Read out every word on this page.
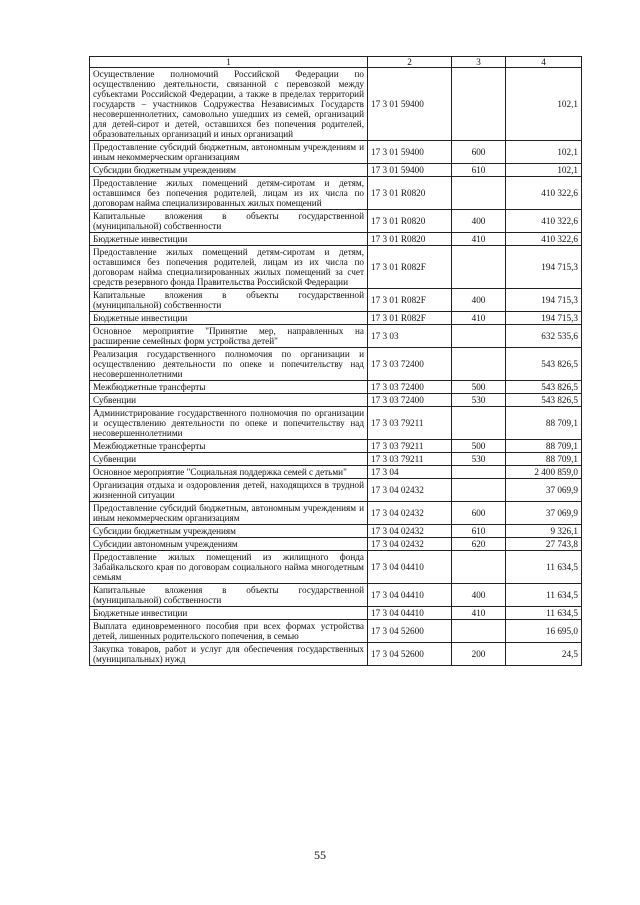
1	2	3	4
Осуществление полномочий Российской Федерации по осуществлению деятельности, связанной с перевозкой между субъектами Российской Федерации, а также в пределах территорий государств – участников Содружества Независимых Государств несовершеннолетних, самовольно ушедших из семей, организаций для детей-сирот и детей, оставшихся без попечения родителей, образовательных организаций и иных организаций	17 3 01 59400		102,1
Предоставление субсидий бюджетным, автономным учреждениям и иным некоммерческим организациям	17 3 01 59400	600	102,1
Субсидии бюджетным учреждениям	17 3 01 59400	610	102,1
Предоставление жилых помещений детям-сиротам и детям, оставшимся без попечения родителей, лицам из их числа по договорам найма специализированных жилых помещений	17 3 01 R0820		410 322,6
Капитальные вложения в объекты государственной (муниципальной) собственности	17 3 01 R0820	400	410 322,6
Бюджетные инвестиции	17 3 01 R0820	410	410 322,6
Предоставление жилых помещений детям-сиротам и детям, оставшимся без попечения родителей, лицам из их числа по договорам найма специализированных жилых помещений за счет средств резервного фонда Правительства Российской Федерации	17 3 01 R082F		194 715,3
Капитальные вложения в объекты государственной (муниципальной) собственности	17 3 01 R082F	400	194 715,3
Бюджетные инвестиции	17 3 01 R082F	410	194 715,3
Основное мероприятие "Принятие мер, направленных на расширение семейных форм устройства детей"	17 3 03		632 535,6
Реализация государственного полномочия по организации и осуществлению деятельности по опеке и попечительству над несовершеннолетними	17 3 03 72400		543 826,5
Межбюджетные трансферты	17 3 03 72400	500	543 826,5
Субвенции	17 3 03 72400	530	543 826,5
Администрирование государственного полномочия по организации и осуществлению деятельности по опеке и попечительству над несовершеннолетними	17 3 03 79211		88 709,1
Межбюджетные трансферты	17 3 03 79211	500	88 709,1
Субвенции	17 3 03 79211	530	88 709,1
Основное мероприятие "Социальная поддержка семей с детьми"	17 3 04		2 400 859,0
Организация отдыха и оздоровления детей, находящихся в трудной жизненной ситуации	17 3 04 02432		37 069,9
Предоставление субсидий бюджетным, автономным учреждениям и иным некоммерческим организациям	17 3 04 02432	600	37 069,9
Субсидии бюджетным учреждениям	17 3 04 02432	610	9 326,1
Субсидии автономным учреждениям	17 3 04 02432	620	27 743,8
Предоставление жилых помещений из жилищного фонда Забайкальского края по договорам социального найма многодетным семьям	17 3 04 04410		11 634,5
Капитальные вложения в объекты государственной (муниципальной) собственности	17 3 04 04410	400	11 634,5
Бюджетные инвестиции	17 3 04 04410	410	11 634,5
Выплата единовременного пособия при всех формах устройства детей, лишенных родительского попечения, в семью	17 3 04 52600		16 695,0
Закупка товаров, работ и услуг для обеспечения государственных (муниципальных) нужд	17 3 04 52600	200	24,5
55
